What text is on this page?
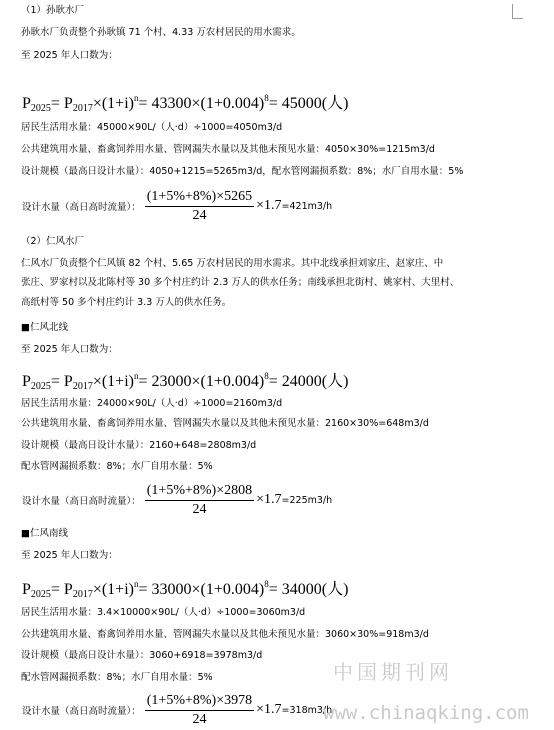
（1）孙耿水厂
孙耿水厂负责整个孙耿镇 71 个村、4.33 万农村居民的用水需求。
至 2025 年人口数为：
$P_{2025}= P_{2017}\times(1+i)^n= 43300\times(1+0.004)^8= 45000$(人)
居民生活用水量：45000×90L/（人·d）÷1000=4050m3/d
公共建筑用水量、畜禽饲养用水量、管网漏失水量以及其他未预见水量：4050×30%=1215m3/d
设计规模（最高日设计水量）：4050+1215=5265m3/d，配水管网漏损系数：8%；水厂自用水量：5%
设计水量（高日高时流量）： $\frac{(1+5\%+8\%)\times 5265}{24} \times 1.7 =421m3/h$
（2）仁风水厂
仁风水厂负责整个仁风镇 82 个村、5.65 万农村居民的用水需求。其中北线承担刘家庄、赵家庄、中
张庄、罗家村以及北陈村等 30 多个村庄约计 2.3 万人的供水任务；南线承担北街村、姚家村、大里村、
高纸村等 50 多个村庄约计 3.3 万人的供水任务。
■仁风北线
至 2025 年人口数为：
$P_{2025}= P_{2017}\times(1+i)^n= 23000\times(1+0.004)^8= 24000$(人)
居民生活用水量：24000×90L/（人·d）÷1000=2160m3/d
公共建筑用水量、畜禽饲养用水量、管网漏失水量以及其他未预见水量：2160×30%=648m3/d
设计规模（最高日设计水量）：2160+648=2808m3/d
配水管网漏损系数：8%；水厂自用水量：5%
设计水量（高日高时流量）： $\frac{(1+5\%+8\%)\times 2808}{24} \times 1.7 =225m3/h$
■仁风南线
至 2025 年人口数为：
$P_{2025}= P_{2017}\times(1+i)^n= 33000\times(1+0.004)^8= 34000$(人)
居民生活用水量：3.4×10000×90L/（人·d）÷1000=3060m3/d
公共建筑用水量、畜禽饲养用水量、管网漏失水量以及其他未预见水量：3060×30%=918m3/d
设计规模（最高日设计水量）：3060+6918=3978m3/d
配水管网漏损系数：8%；水厂自用水量：5%
设计水量（高日高时流量）： $\frac{(1+5\%+8\%)\times 3978}{24} \times 1.7 =318m3/h$
中国期刊网
www.chinaqking.com
